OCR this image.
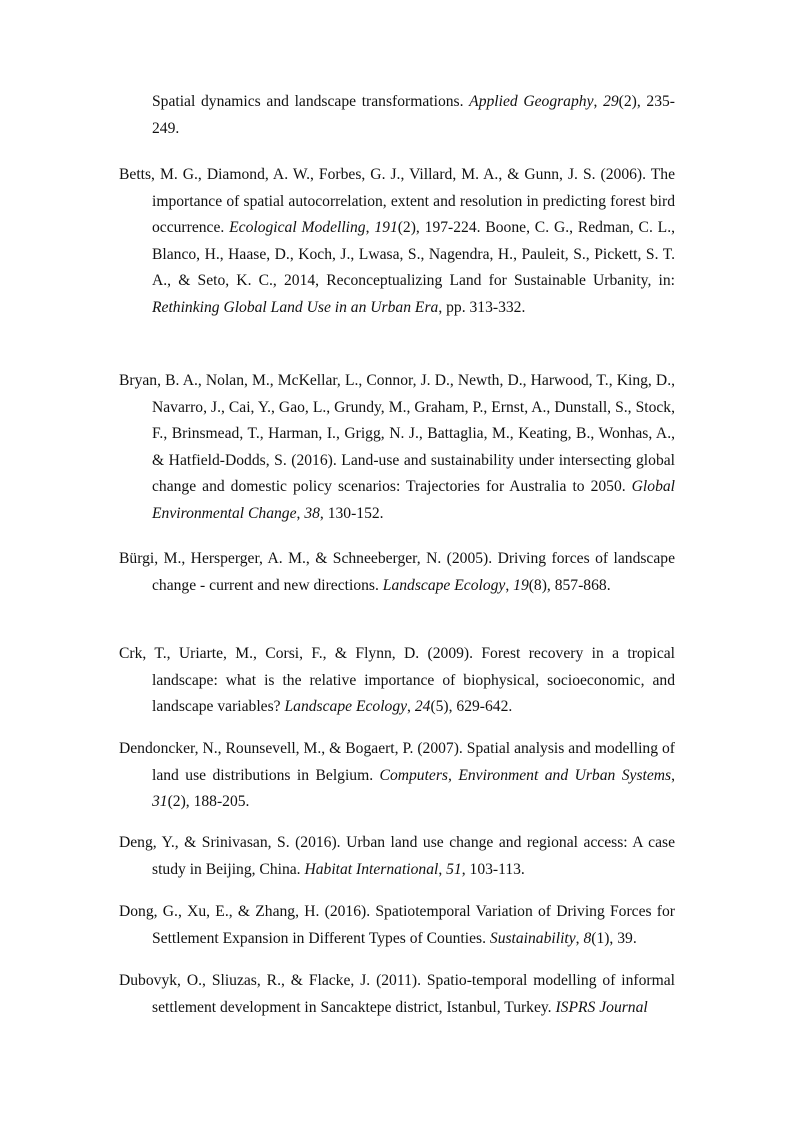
Spatial dynamics and landscape transformations. Applied Geography, 29(2), 235-249.

Betts, M. G., Diamond, A. W., Forbes, G. J., Villard, M. A., & Gunn, J. S. (2006). The importance of spatial autocorrelation, extent and resolution in predicting forest bird occurrence. Ecological Modelling, 191(2), 197-224. Boone, C. G., Redman, C. L., Blanco, H., Haase, D., Koch, J., Lwasa, S., Nagendra, H., Pauleit, S., Pickett, S. T. A., & Seto, K. C., 2014, Reconceptualizing Land for Sustainable Urbanity, in: Rethinking Global Land Use in an Urban Era, pp. 313-332.

Bryan, B. A., Nolan, M., McKellar, L., Connor, J. D., Newth, D., Harwood, T., King, D., Navarro, J., Cai, Y., Gao, L., Grundy, M., Graham, P., Ernst, A., Dunstall, S., Stock, F., Brinsmead, T., Harman, I., Grigg, N. J., Battaglia, M., Keating, B., Wonhas, A., & Hatfield-Dodds, S. (2016). Land-use and sustainability under intersecting global change and domestic policy scenarios: Trajectories for Australia to 2050. Global Environmental Change, 38, 130-152.

Bürgi, M., Hersperger, A. M., & Schneeberger, N. (2005). Driving forces of landscape change - current and new directions. Landscape Ecology, 19(8), 857-868.

Crk, T., Uriarte, M., Corsi, F., & Flynn, D. (2009). Forest recovery in a tropical landscape: what is the relative importance of biophysical, socioeconomic, and landscape variables? Landscape Ecology, 24(5), 629-642.

Dendoncker, N., Rounsevell, M., & Bogaert, P. (2007). Spatial analysis and modelling of land use distributions in Belgium. Computers, Environment and Urban Systems, 31(2), 188-205.

Deng, Y., & Srinivasan, S. (2016). Urban land use change and regional access: A case study in Beijing, China. Habitat International, 51, 103-113.

Dong, G., Xu, E., & Zhang, H. (2016). Spatiotemporal Variation of Driving Forces for Settlement Expansion in Different Types of Counties. Sustainability, 8(1), 39.

Dubovyk, O., Sliuzas, R., & Flacke, J. (2011). Spatio-temporal modelling of informal settlement development in Sancaktepe district, Istanbul, Turkey. ISPRS Journal
